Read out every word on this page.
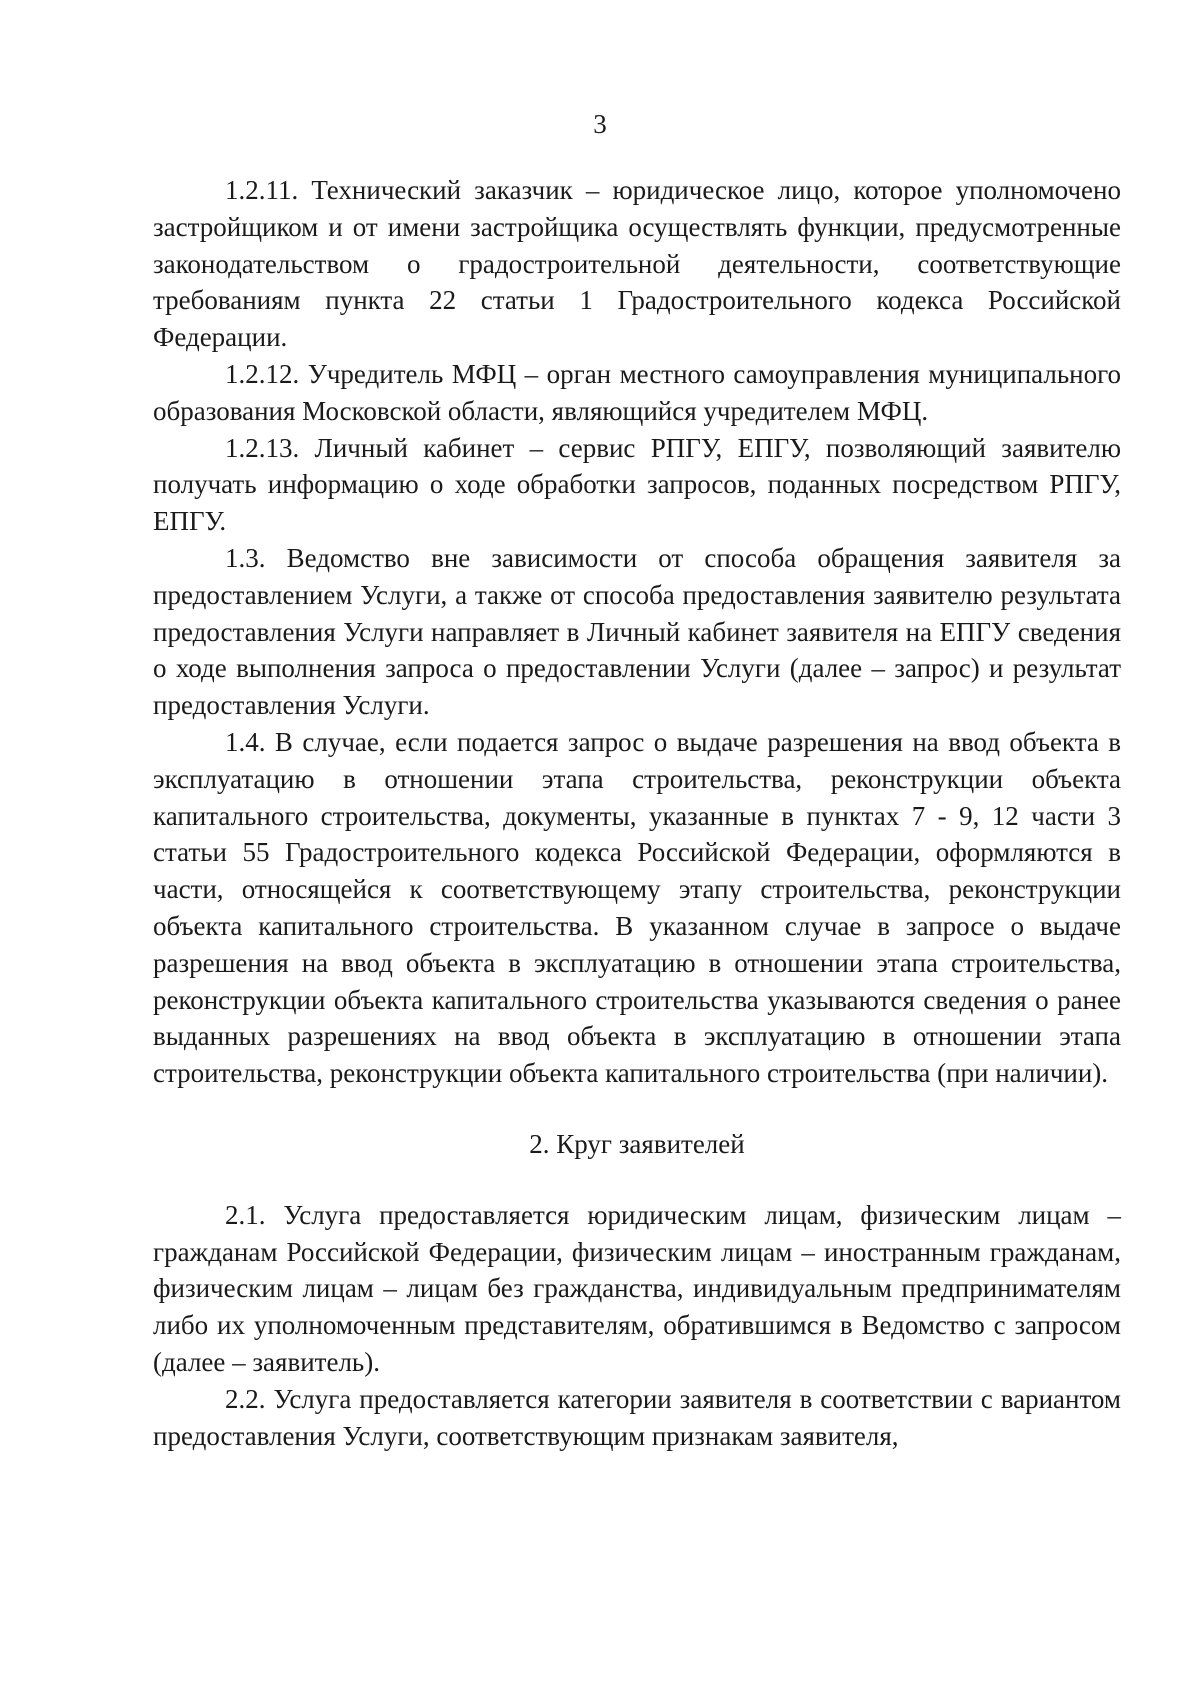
3

1.2.11. Технический заказчик – юридическое лицо, которое уполномочено застройщиком и от имени застройщика осуществлять функции, предусмотренные законодательством о градостроительной деятельности, соответствующие требованиям пункта 22 статьи 1 Градостроительного кодекса Российской Федерации.

1.2.12. Учредитель МФЦ – орган местного самоуправления муниципального образования Московской области, являющийся учредителем МФЦ.

1.2.13. Личный кабинет – сервис РПГУ, ЕПГУ, позволяющий заявителю получать информацию о ходе обработки запросов, поданных посредством РПГУ, ЕПГУ.

1.3. Ведомство вне зависимости от способа обращения заявителя за предоставлением Услуги, а также от способа предоставления заявителю результата предоставления Услуги направляет в Личный кабинет заявителя на ЕПГУ сведения о ходе выполнения запроса о предоставлении Услуги (далее – запрос) и результат предоставления Услуги.

1.4. В случае, если подается запрос о выдаче разрешения на ввод объекта в эксплуатацию в отношении этапа строительства, реконструкции объекта капитального строительства, документы, указанные в пунктах 7 - 9, 12 части 3 статьи 55 Градостроительного кодекса Российской Федерации, оформляются в части, относящейся к соответствующему этапу строительства, реконструкции объекта капитального строительства. В указанном случае в запросе о выдаче разрешения на ввод объекта в эксплуатацию в отношении этапа строительства, реконструкции объекта капитального строительства указываются сведения о ранее выданных разрешениях на ввод объекта в эксплуатацию в отношении этапа строительства, реконструкции объекта капитального строительства (при наличии).

2. Круг заявителей

2.1. Услуга предоставляется юридическим лицам, физическим лицам – гражданам Российской Федерации, физическим лицам – иностранным гражданам, физическим лицам – лицам без гражданства, индивидуальным предпринимателям либо их уполномоченным представителям, обратившимся в Ведомство с запросом (далее – заявитель).

2.2. Услуга предоставляется категории заявителя в соответствии с вариантом предоставления Услуги, соответствующим признакам заявителя,
